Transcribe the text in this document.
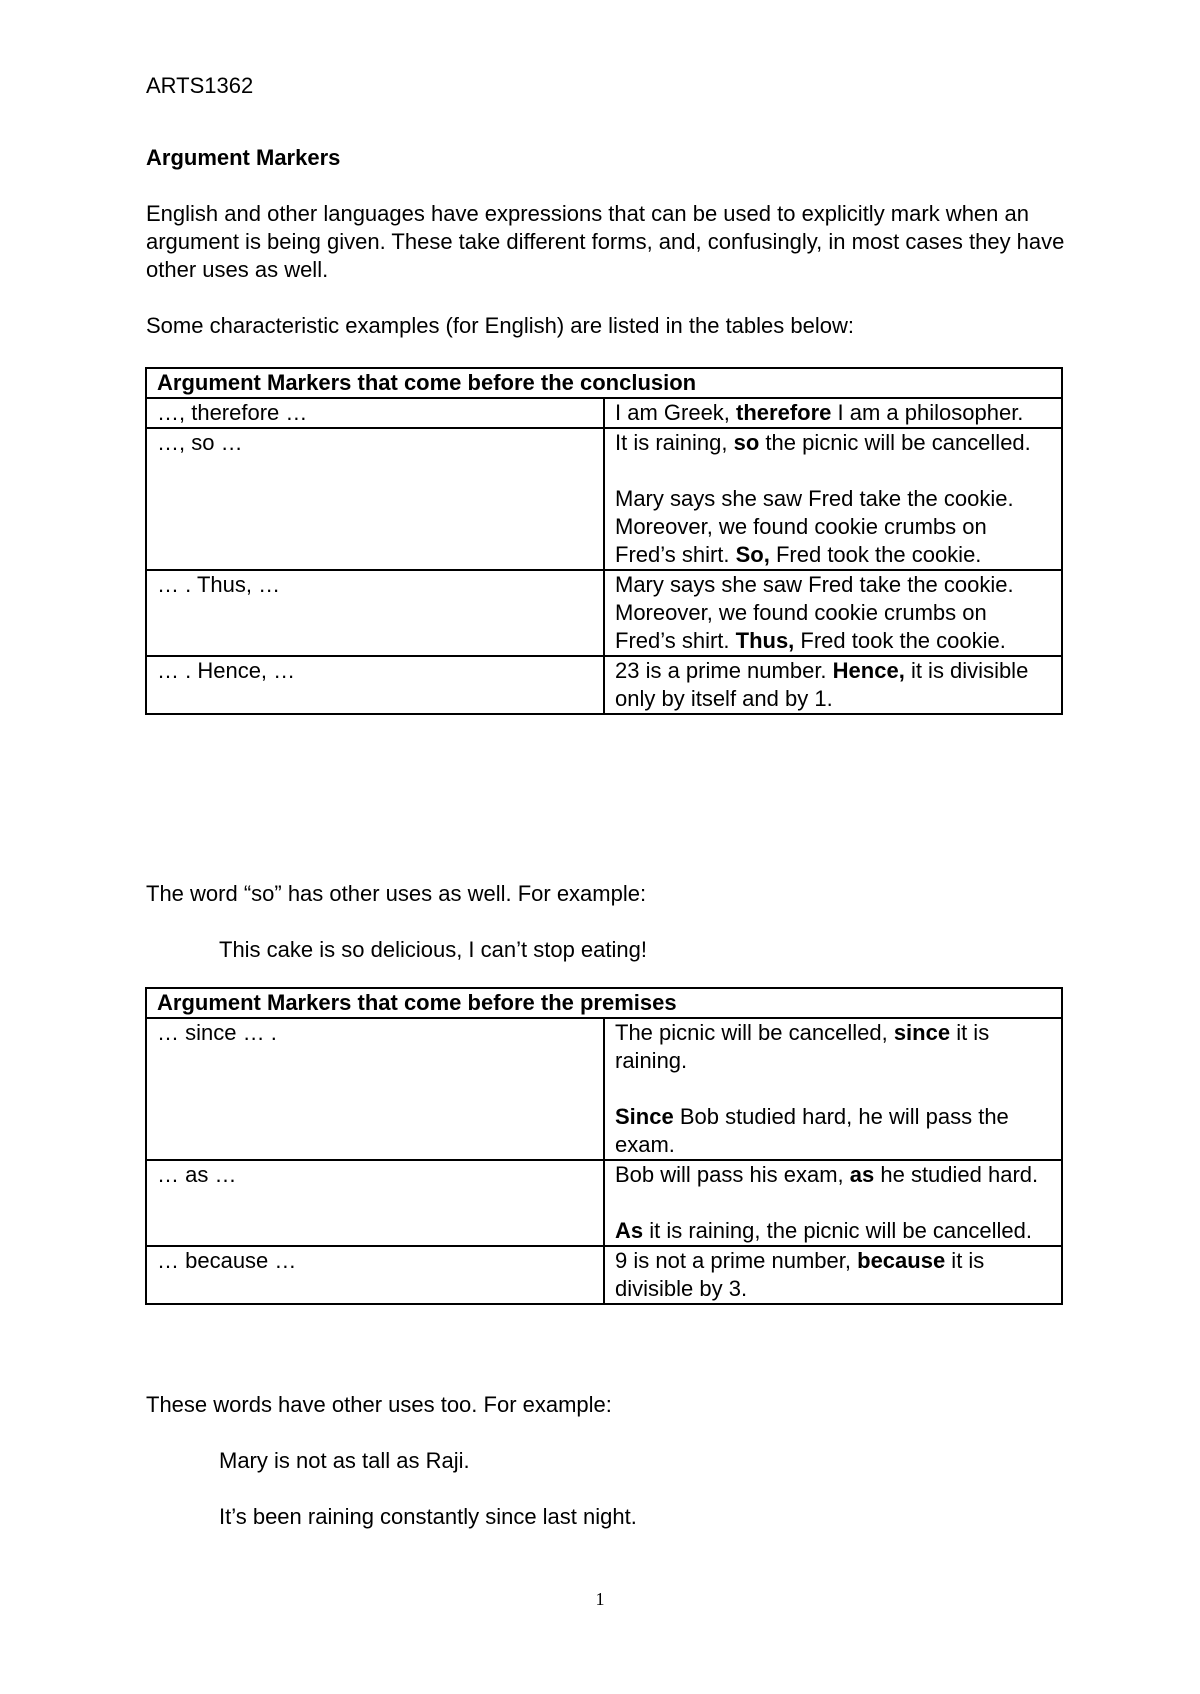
ARTS1362
Argument Markers
English and other languages have expressions that can be used to explicitly mark when an argument is being given. These take different forms, and, confusingly, in most cases they have other uses as well.
Some characteristic examples (for English) are listed in the tables below:
Argument Markers that come before the conclusion	
…, therefore …	I am Greek, therefore I am a philosopher.

…, so …	It is raining, so the picnic will be cancelled.
Mary says she saw Fred take the cookie. Moreover, we found cookie crumbs on Fred’s shirt. So, Fred took the cookie.

… . Thus, …	Mary says she saw Fred take the cookie. Moreover, we found cookie crumbs on Fred’s shirt. Thus, Fred took the cookie.

… . Hence, …	23 is a prime number. Hence, it is divisible only by itself and by 1.
The word “so” has other uses as well. For example:
This cake is so delicious, I can’t stop eating!
Argument Markers that come before the premises	
… since … .	The picnic will be cancelled, since it is raining.
Since Bob studied hard, he will pass the exam.

… as …	Bob will pass his exam, as he studied hard.
As it is raining, the picnic will be cancelled.

… because …	9 is not a prime number, because it is divisible by 3.
These words have other uses too. For example:
Mary is not as tall as Raji.
It’s been raining constantly since last night.
1
